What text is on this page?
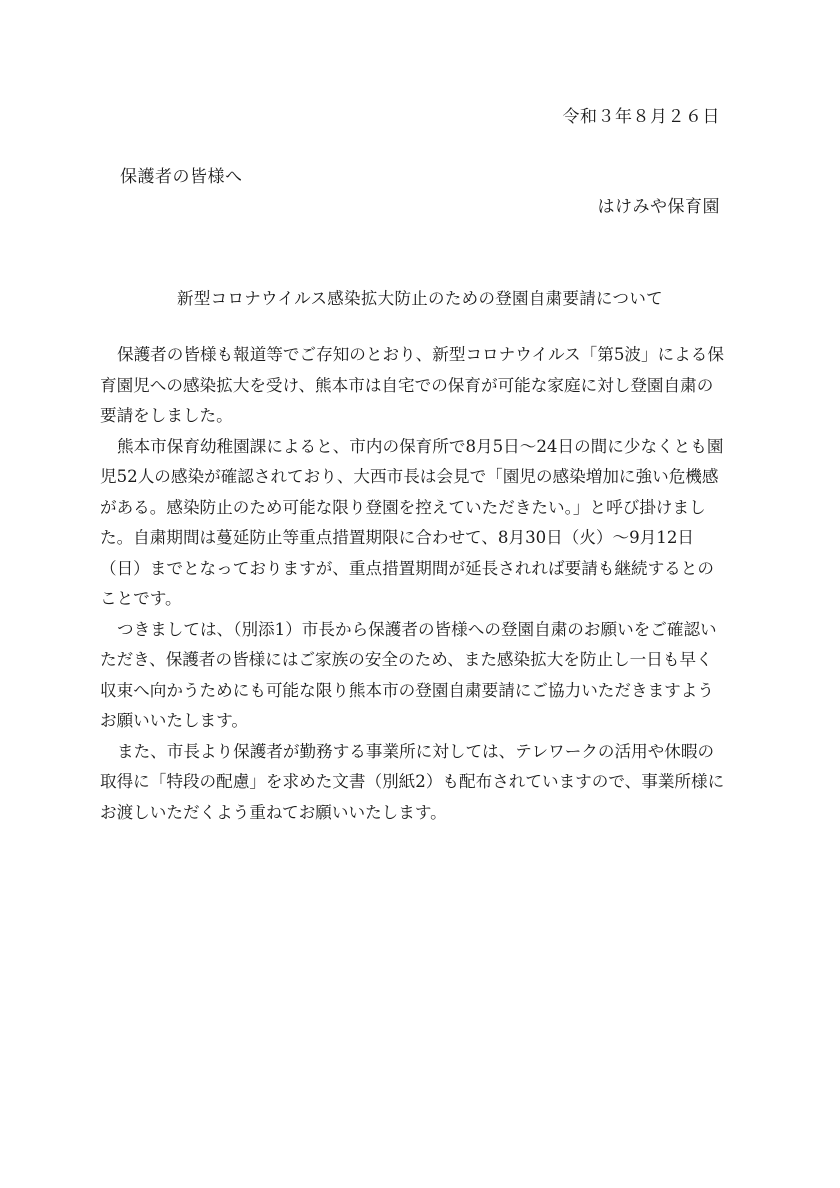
令和３年８月２６日
保護者の皆様へ
はけみや保育園
新型コロナウイルス感染拡大防止のための登園自粛要請について
保護者の皆様も報道等でご存知のとおり、新型コロナウイルス「第5波」による保
育園児への感染拡大を受け、熊本市は自宅での保育が可能な家庭に対し登園自粛の
要請をしました。
熊本市保育幼稚園課によると、市内の保育所で8月5日～24日の間に少なくとも園
児52人の感染が確認されており、大西市長は会見で「園児の感染増加に強い危機感
がある。感染防止のため可能な限り登園を控えていただきたい。」と呼び掛けまし
た。自粛期間は蔓延防止等重点措置期限に合わせて、8月30日（火）～9月12日
（日）までとなっておりますが、重点措置期間が延長されれば要請も継続するとの
ことです。
つきましては、（別添1）市長から保護者の皆様への登園自粛のお願いをご確認い
ただき、保護者の皆様にはご家族の安全のため、また感染拡大を防止し一日も早く
収束へ向かうためにも可能な限り熊本市の登園自粛要請にご協力いただきますよう
お願いいたします。
また、市長より保護者が勤務する事業所に対しては、テレワークの活用や休暇の
取得に「特段の配慮」を求めた文書（別紙2）も配布されていますので、事業所様に
お渡しいただくよう重ねてお願いいたします。
